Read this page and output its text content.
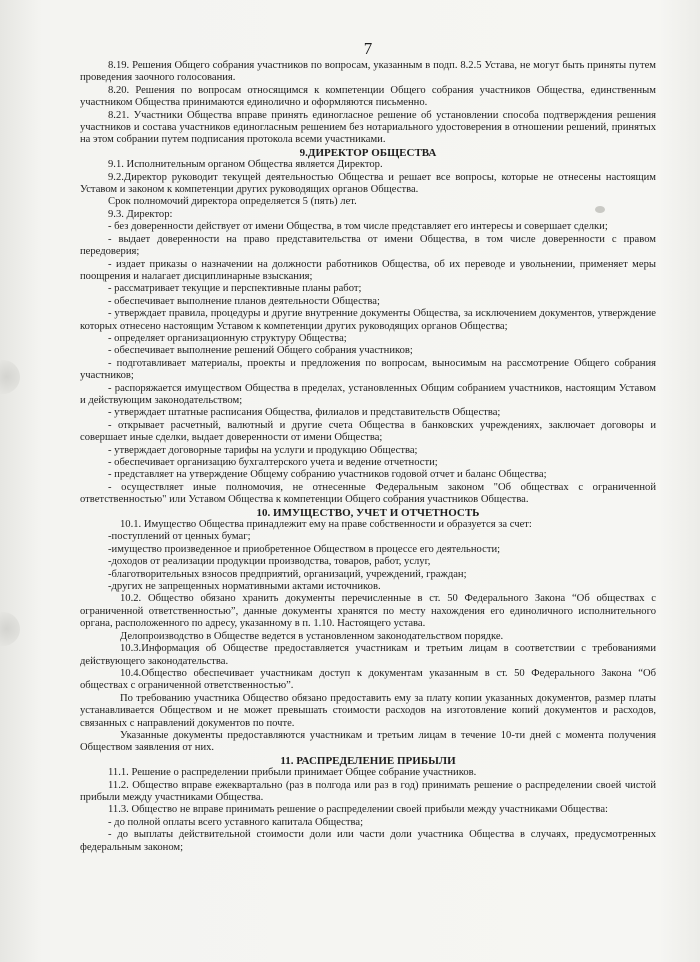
7

8.19. Решения Общего собрания участников по вопросам, указанным в подп. 8.2.5 Устава, не могут быть приняты путем проведения заочного голосования.

8.20. Решения по вопросам относящимся к компетенции Общего собрания участников Общества, единственным участником Общества принимаются единолично и оформляются письменно.

8.21. Участники Общества вправе принять единогласное решение об установлении способа подтверждения решения участников и состава участников единогласным решением без нотариального удостоверения в отношении решений, принятых на этом собрании путем подписания протокола всеми участниками.

9.ДИРЕКТОР ОБЩЕСТВА

9.1. Исполнительным органом Общества является Директор.

9.2.Директор руководит текущей деятельностью Общества и решает все вопросы, которые не отнесены настоящим Уставом и законом к компетенции других руководящих органов Общества.

Срок полномочий директора определяется 5 (пять) лет.

9.3. Директор:

- без доверенности действует от имени Общества, в том числе представляет его интересы и совершает сделки;

- выдает доверенности на право представительства от имени Общества, в том числе доверенности с правом передоверия;

- издает приказы о назначении на должности работников Общества, об их переводе и увольнении, применяет меры поощрения и налагает дисциплинарные взыскания;

- рассматривает текущие и перспективные планы работ;

- обеспечивает выполнение планов деятельности Общества;

- утверждает правила, процедуры и другие внутренние документы Общества, за исключением документов, утверждение которых отнесено настоящим Уставом к компетенции других руководящих органов Общества;

- определяет организационную структуру Общества;

- обеспечивает выполнение решений Общего собрания участников;

- подготавливает материалы, проекты и предложения по вопросам, выносимым на рассмотрение Общего собрания участников;

- распоряжается имуществом Общества в пределах, установленных Общим собранием участников, настоящим Уставом и действующим законодательством;

- утверждает штатные расписания Общества, филиалов и представительств Общества;

- открывает расчетный, валютный и другие счета Общества в банковских учреждениях, заключает договоры и совершает иные сделки, выдает доверенности от имени Общества;

- утверждает договорные тарифы на услуги и продукцию Общества;

- обеспечивает организацию бухгалтерского учета и ведение отчетности;

- представляет на утверждение Общему собранию участников годовой отчет и баланс Общества;

- осуществляет иные полномочия, не отнесенные Федеральным законом "Об обществах с ограниченной ответственностью" или Уставом Общества к компетенции Общего собрания участников Общества.

10. ИМУЩЕСТВО, УЧЕТ И ОТЧЕТНОСТЬ

10.1. Имущество Общества принадлежит ему на праве собственности и образуется за счет:

-поступлений от ценных бумаг;

-имущество произведенное и приобретенное Обществом в процессе его деятельности;

-доходов от реализации продукции производства, товаров, работ, услуг,

-благотворительных взносов предприятий, организаций, учреждений, граждан;

-других не запрещенных нормативными актами источников.

10.2. Общество обязано хранить документы перечисленные в ст. 50 Федерального Закона “Об обществах с ограниченной ответственностью”, данные документы хранятся по месту нахождения его единоличного исполнительного органа, расположенного по адресу, указанному в п. 1.10. Настоящего устава.

Делопроизводство в Обществе ведется в установленном законодательством порядке.

10.3.Информация об Обществе предоставляется участникам и третьим лицам в соответствии с требованиями действующего законодательства.

10.4.Общество обеспечивает участникам доступ к документам указанным в ст. 50 Федерального Закона “Об обществах с ограниченной ответственностью”.

По требованию участника Общество обязано предоставить ему за плату копии указанных документов, размер платы устанавливается Обществом и не может превышать стоимости расходов на изготовление копий документов и расходов, связанных с направлений документов по почте.

Указанные документы предоставляются участникам и третьим лицам в течение 10-ти дней с момента получения Обществом заявления от них.

11. РАСПРЕДЕЛЕНИЕ ПРИБЫЛИ

11.1. Решение о распределении прибыли принимает Общее собрание участников.

11.2. Общество вправе ежеквартально (раз в полгода или раз в год) принимать решение о распределении своей чистой прибыли между участниками Общества.

11.3. Общество не вправе принимать решение о распределении своей прибыли между участниками Общества:

- до полной оплаты всего уставного капитала Общества;

- до выплаты действительной стоимости доли или части доли участника Общества в случаях, предусмотренных федеральным законом;
